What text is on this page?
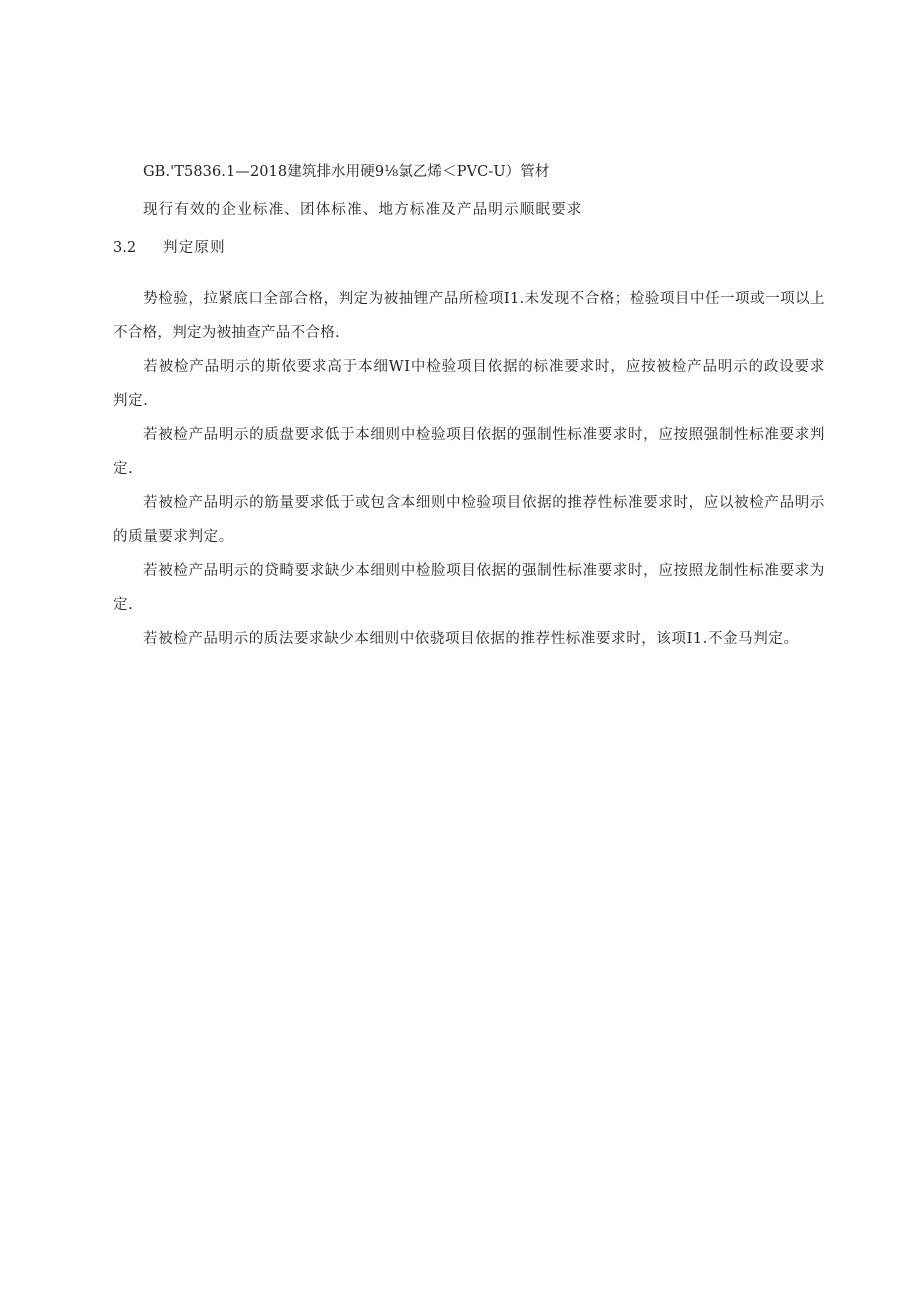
GB.'T5836.1—2018建筑排水用硬9⅛氯乙烯＜PVC-U）管材
现行有效的企业标准、团体标准、地方标准及产品明示顺眠要求
3.2 判定原则
势检验，拉紧底口全部合格，判定为被抽锂产品所检项I1.未发现不合格；检验项目中任一项或一项以上不合格，判定为被抽查产品不合格.
若被检产品明示的斯依要求高于本细WI中检验项目依据的标准要求时，应按被检产品明示的政设要求判定.
若被检产品明示的质盘要求低于本细则中检验项目依据的强制性标准要求时，应按照强制性标准要求判定.
若被检产品明示的筋量要求低于或包含本细则中检验项目依据的推荐性标准要求时，应以被检产品明示的质量要求判定。
若被检产品明示的贷畸要求缺少本细则中检脸项目依据的强制性标准要求时，应按照龙制性标准要求为定.
若被检产品明示的质法要求缺少本细则中依骁项目依据的推荐性标准要求时，该项I1.不金马判定。
